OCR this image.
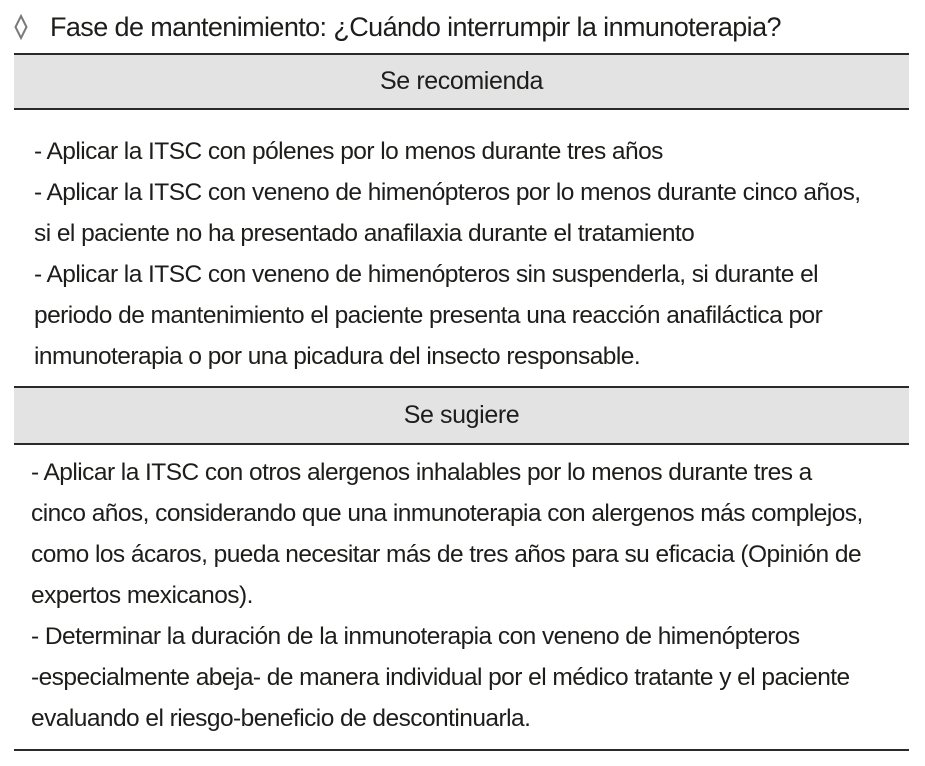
Fase de mantenimiento: ¿Cuándo interrumpir la inmunoterapia?
Se recomienda
- Aplicar la ITSC con pólenes por lo menos durante tres años
- Aplicar la ITSC con veneno de himenópteros por lo menos durante cinco años,
si el paciente no ha presentado anafilaxia durante el tratamiento
- Aplicar la ITSC con veneno de himenópteros sin suspenderla, si durante el
periodo de mantenimiento el paciente presenta una reacción anafiláctica por
inmunoterapia o por una picadura del insecto responsable.
Se sugiere
- Aplicar la ITSC con otros alergenos inhalables por lo menos durante tres a
cinco años, considerando que una inmunoterapia con alergenos más complejos,
como los ácaros, pueda necesitar más de tres años para su eficacia (Opinión de
expertos mexicanos).
- Determinar la duración de la inmunoterapia con veneno de himenópteros
-especialmente abeja- de manera individual por el médico tratante y el paciente
evaluando el riesgo-beneficio de descontinuarla.
